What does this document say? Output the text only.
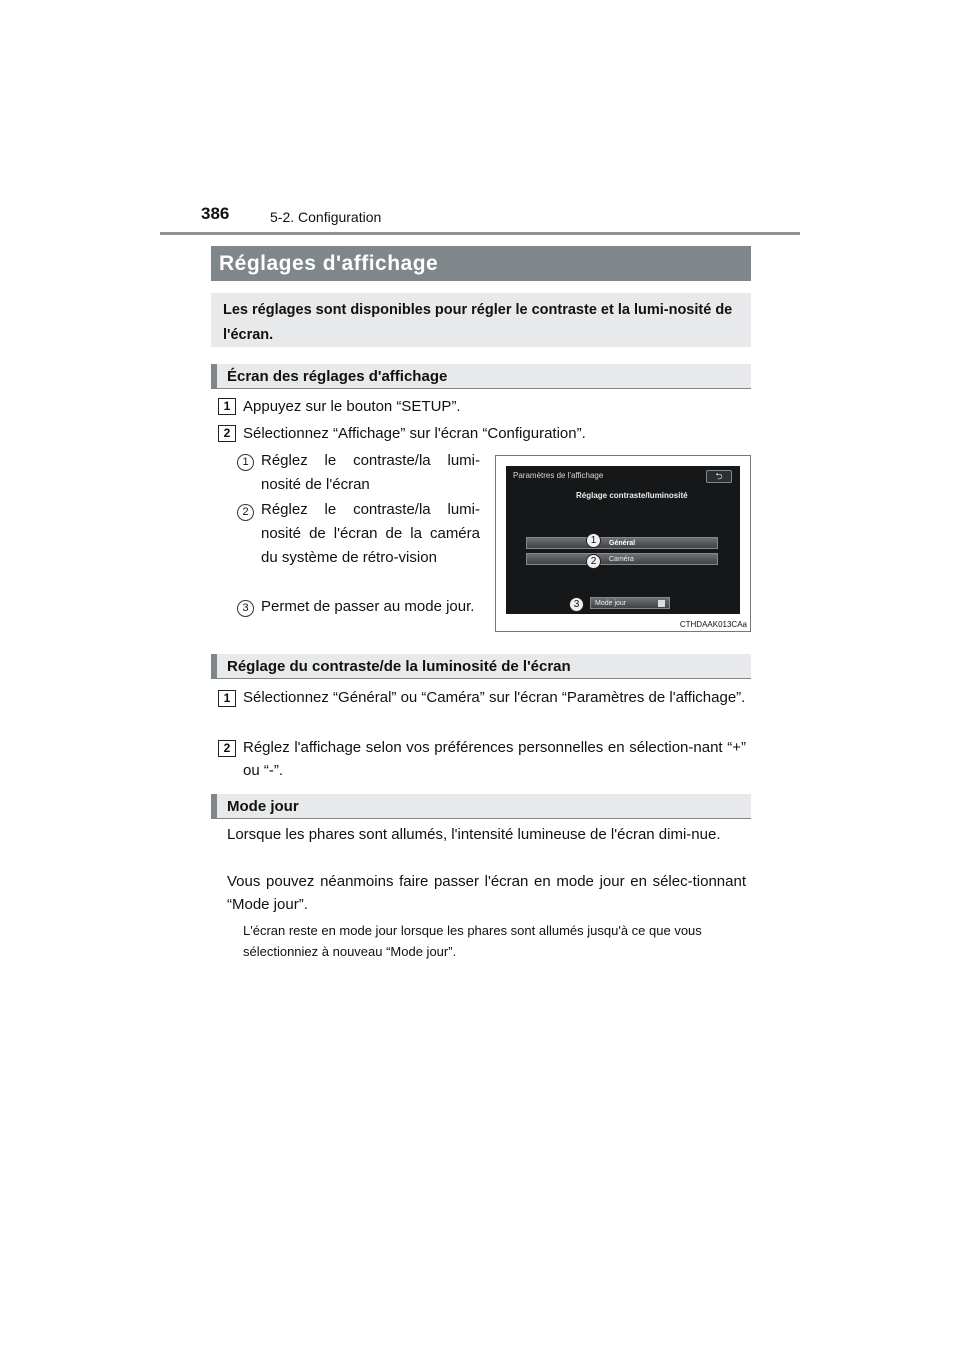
386	5-2. Configuration
Réglages d'affichage
Les réglages sont disponibles pour régler le contraste et la lumi-nosité de l'écran.
Écran des réglages d'affichage
1 Appuyez sur le bouton “SETUP”.
2 Sélectionnez “Affichage” sur l'écran “Configuration”.
1 Réglez le contraste/la lumi-nosité de l'écran
2 Réglez le contraste/la lumi-nosité de l'écran de la caméra du système de rétro-vision
3 Permet de passer au mode jour.
Paramètres de l'affichage	⮌
Réglage contraste/luminosité
Général
Caméra
Mode jour
1
2
3
CTHDAAK013CAa
Réglage du contraste/de la luminosité de l'écran
1 Sélectionnez “Général” ou “Caméra” sur l'écran “Paramètres de l'affichage”.
2 Réglez l'affichage selon vos préférences personnelles en sélection-nant “+” ou “-”.
Mode jour
Lorsque les phares sont allumés, l'intensité lumineuse de l'écran dimi-nue.
Vous pouvez néanmoins faire passer l'écran en mode jour en sélec-tionnant “Mode jour”.
L'écran reste en mode jour lorsque les phares sont allumés jusqu'à ce que vous sélectionniez à nouveau “Mode jour”.
